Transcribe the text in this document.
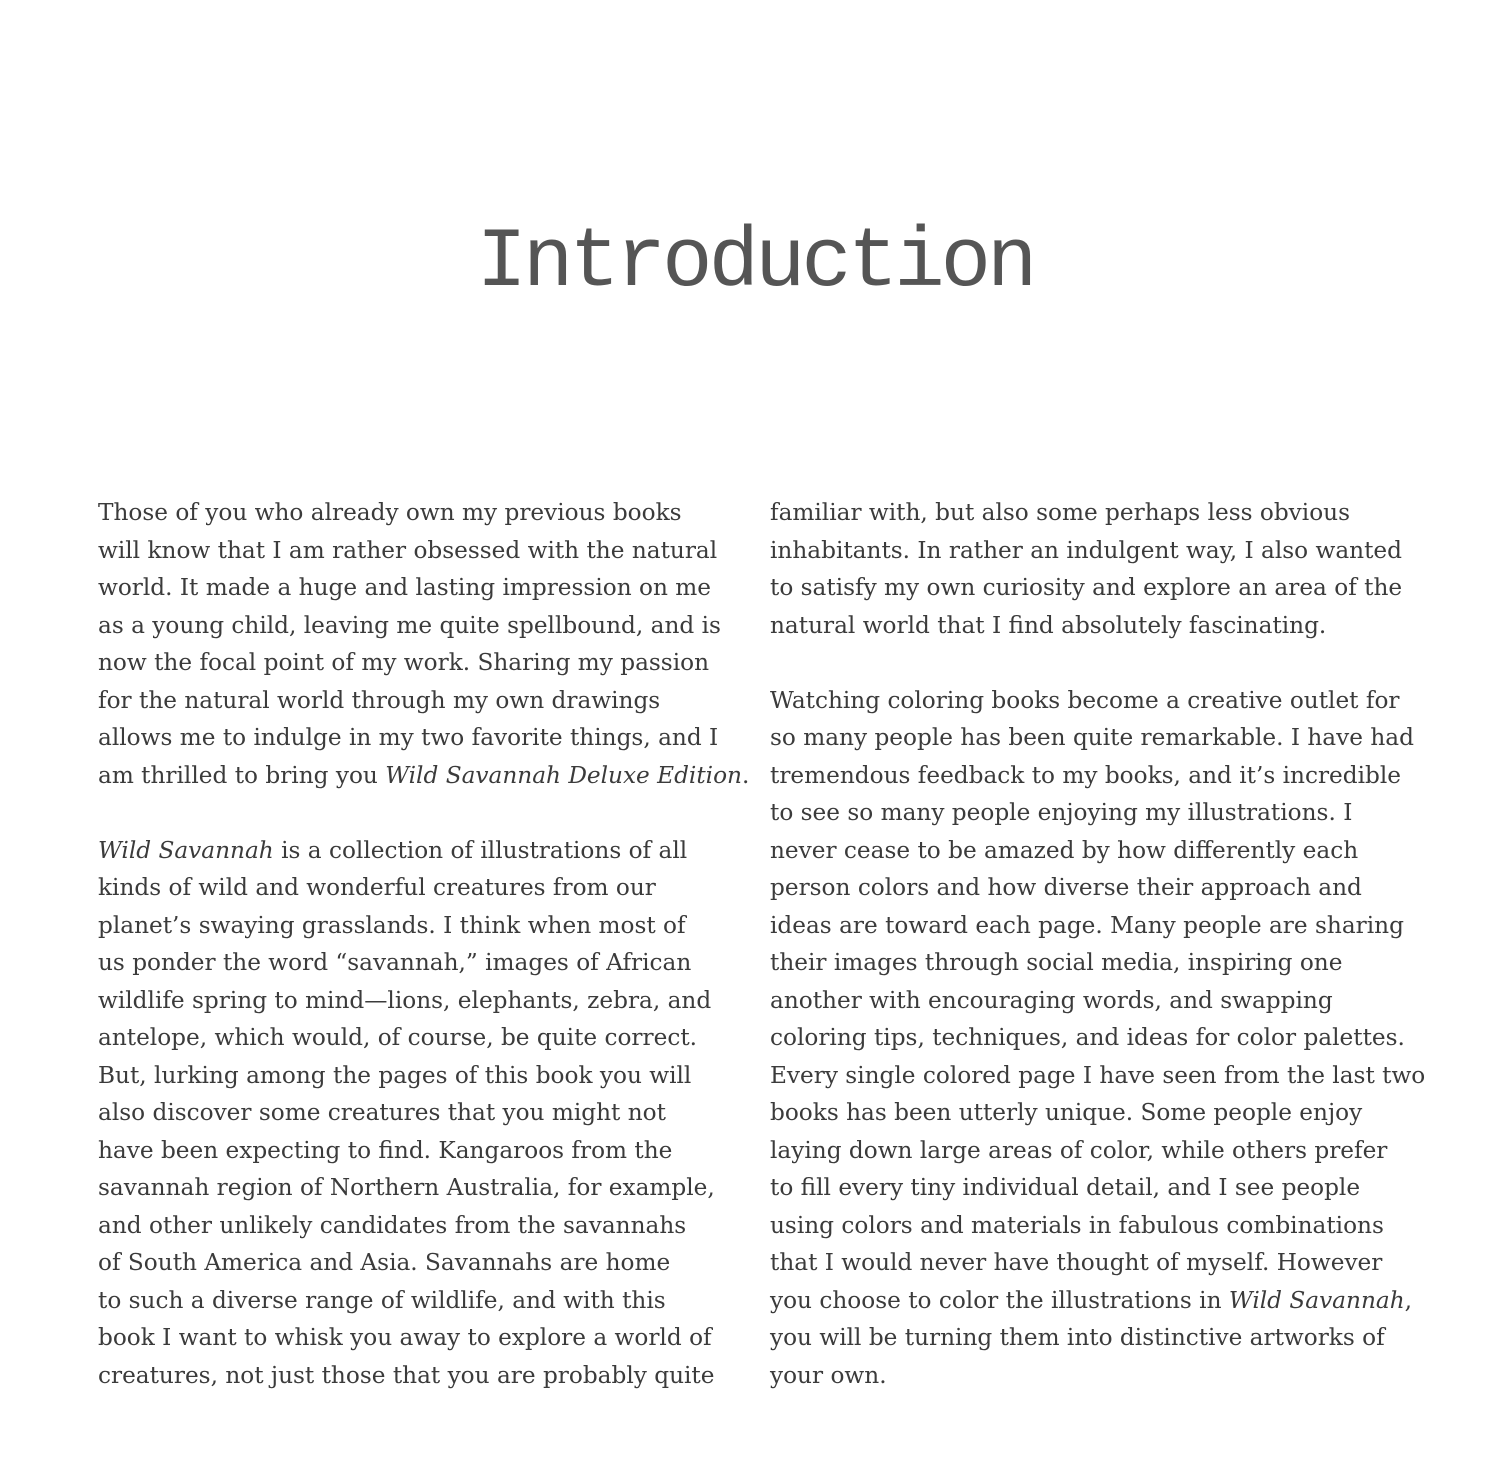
Introduction
Those of you who already own my previous books
will know that I am rather obsessed with the natural
world. It made a huge and lasting impression on me
as a young child, leaving me quite spellbound, and is
now the focal point of my work. Sharing my passion
for the natural world through my own drawings
allows me to indulge in my two favorite things, and I
am thrilled to bring you Wild Savannah Deluxe Edition.
Wild Savannah is a collection of illustrations of all
kinds of wild and wonderful creatures from our
planet’s swaying grasslands. I think when most of
us ponder the word “savannah,” images of African
wildlife spring to mind—lions, elephants, zebra, and
antelope, which would, of course, be quite correct.
But, lurking among the pages of this book you will
also discover some creatures that you might not
have been expecting to find. Kangaroos from the
savannah region of Northern Australia, for example,
and other unlikely candidates from the savannahs
of South America and Asia. Savannahs are home
to such a diverse range of wildlife, and with this
book I want to whisk you away to explore a world of
creatures, not just those that you are probably quite
familiar with, but also some perhaps less obvious
inhabitants. In rather an indulgent way, I also wanted
to satisfy my own curiosity and explore an area of the
natural world that I find absolutely fascinating.
Watching coloring books become a creative outlet for
so many people has been quite remarkable. I have had
tremendous feedback to my books, and it’s incredible
to see so many people enjoying my illustrations. I
never cease to be amazed by how differently each
person colors and how diverse their approach and
ideas are toward each page. Many people are sharing
their images through social media, inspiring one
another with encouraging words, and swapping
coloring tips, techniques, and ideas for color palettes.
Every single colored page I have seen from the last two
books has been utterly unique. Some people enjoy
laying down large areas of color, while others prefer
to fill every tiny individual detail, and I see people
using colors and materials in fabulous combinations
that I would never have thought of myself. However
you choose to color the illustrations in Wild Savannah,
you will be turning them into distinctive artworks of
your own.
